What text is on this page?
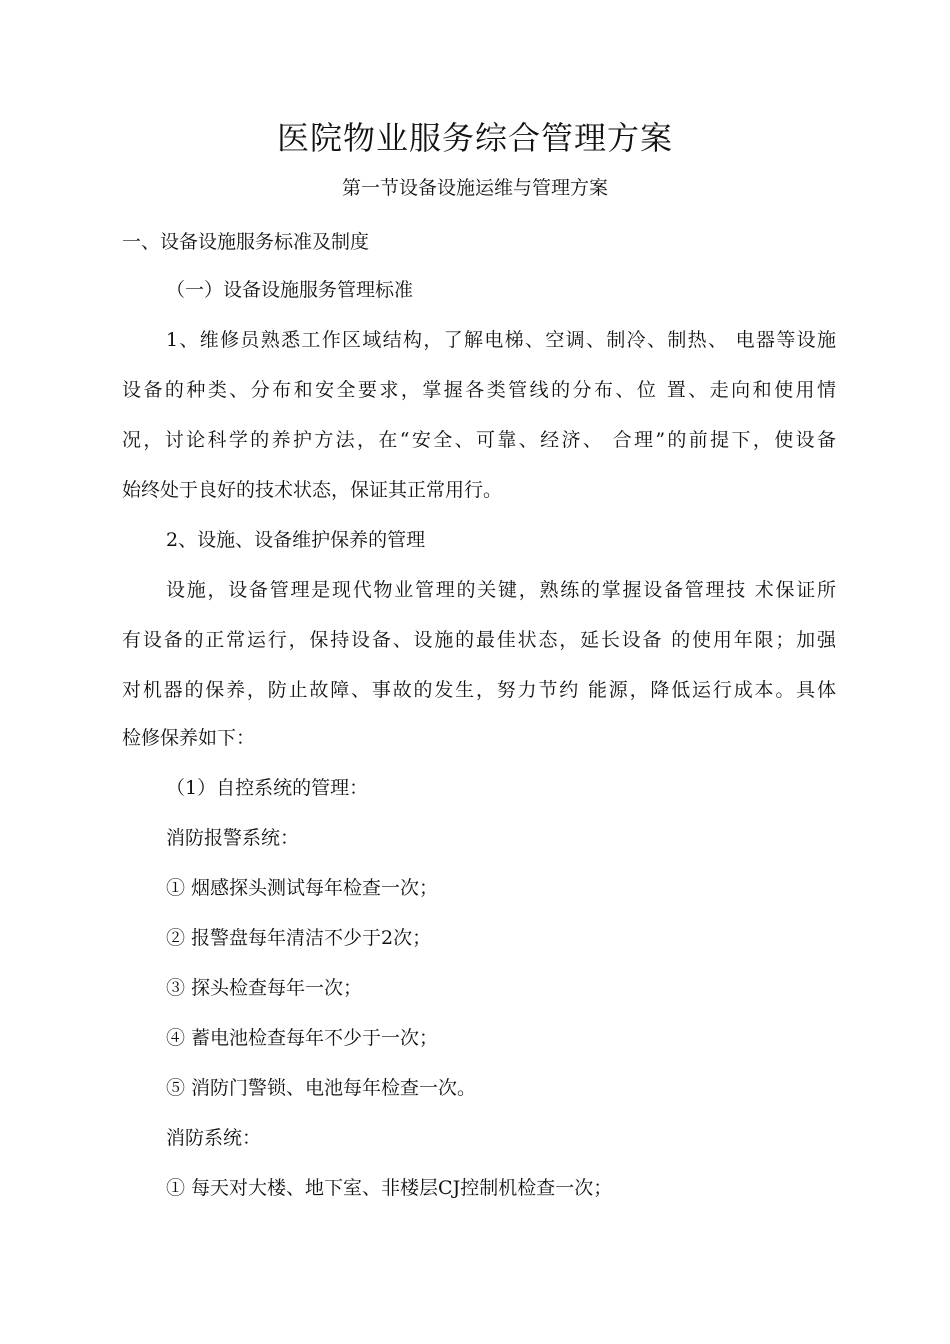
医院物业服务综合管理方案
第一节设备设施运维与管理方案
一、设备设施服务标准及制度
（一）设备设施服务管理标准
1、维修员熟悉工作区域结构，了解电梯、空调、制冷、制热、 电器等设施
设备的种类、分布和安全要求，掌握各类管线的分布、位 置、走向和使用情
况，讨论科学的养护方法，在“安全、可靠、经济、 合理”的前提下，使设备
始终处于良好的技术状态，保证其正常用行。
2、设施、设备维护保养的管理
设施，设备管理是现代物业管理的关键，熟练的掌握设备管理技 术保证所
有设备的正常运行，保持设备、设施的最佳状态，延长设备 的使用年限；加强
对机器的保养，防止故障、事故的发生，努力节约 能源，降低运行成本。具体
检修保养如下：
（1）自控系统的管理：
消防报警系统：
① 烟感探头测试每年检查一次；
② 报警盘每年清洁不少于2次；
③ 探头检查每年一次；
④ 蓄电池检查每年不少于一次；
⑤ 消防门警锁、电池每年检查一次。
消防系统：
① 每天对大楼、地下室、非楼层CJ控制机检查一次；
